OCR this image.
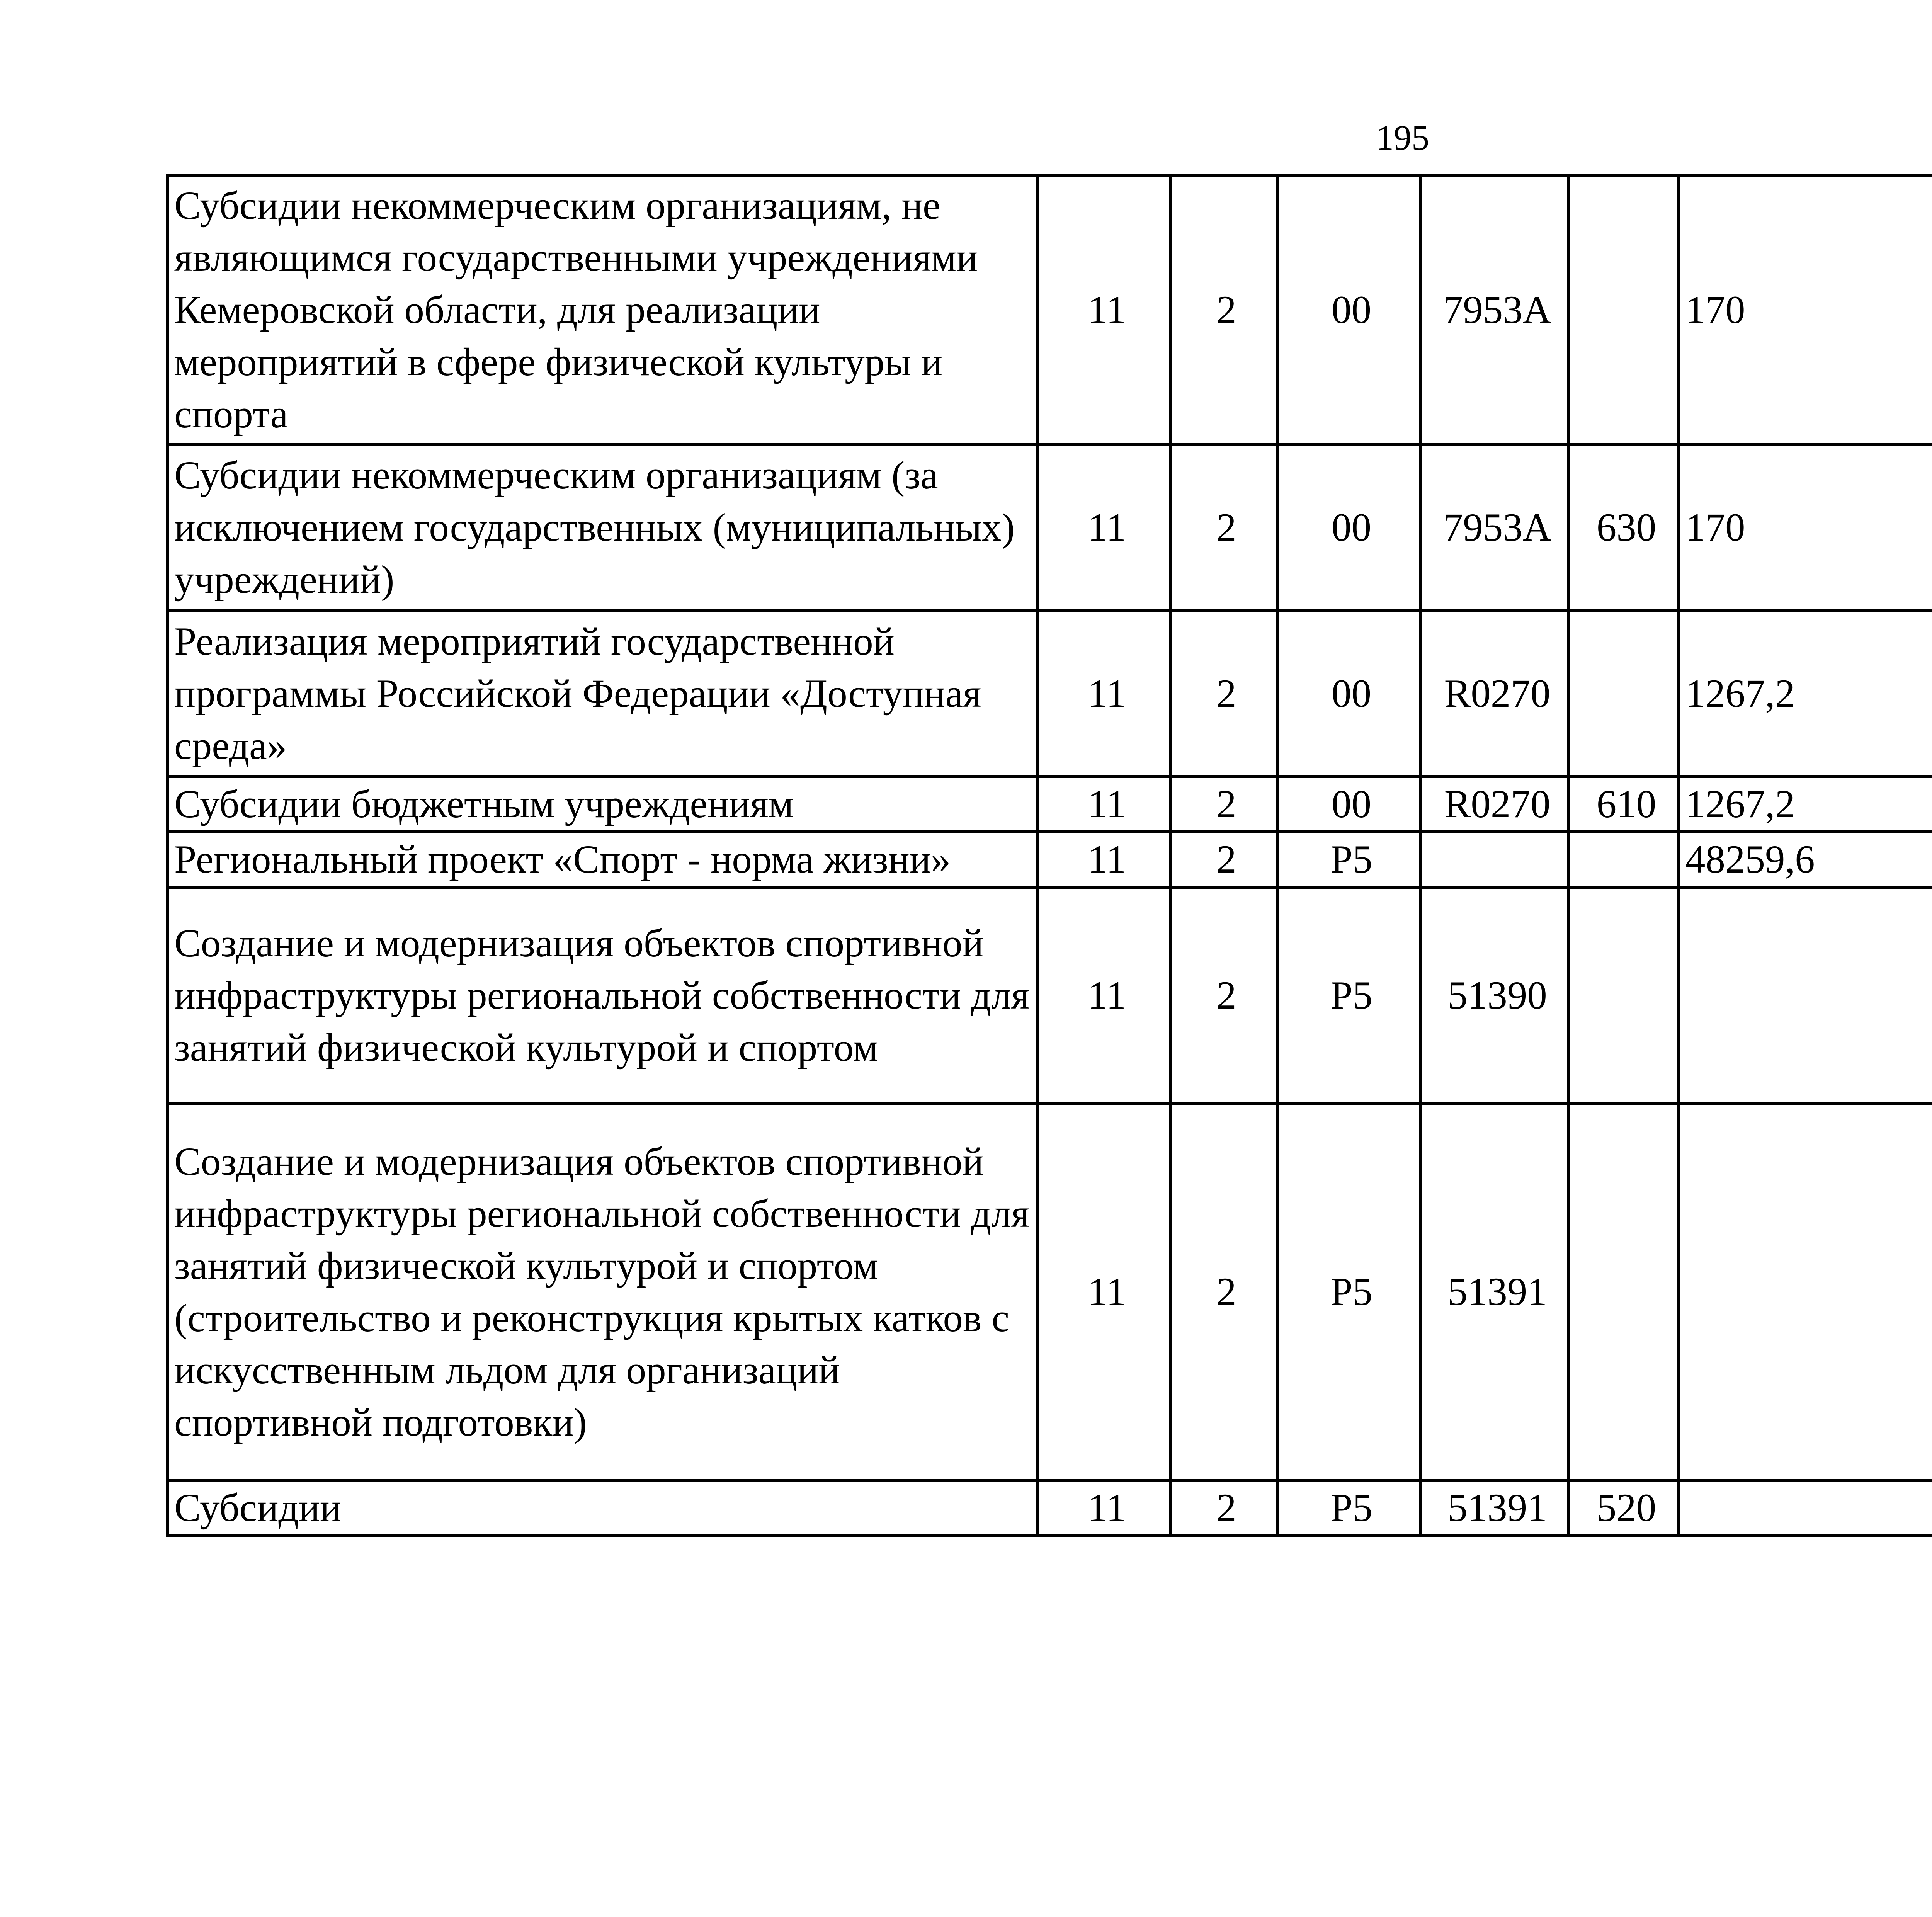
195
Субсидии некоммерческим организациям, не являющимся государственными учреждениями Кемеровской области, для реализации мероприятий в сфере физической культуры и спорта	11	2	00	7953А		170		
Субсидии некоммерческим организациям (за исключением государственных (муниципальных) учреждений)	11	2	00	7953А	630	170		
Реализация мероприятий государственной программы Российской Федерации «Доступная среда»	11	2	00	R0270		1267,2		
Субсидии бюджетным учреждениям	11	2	00	R0270	610	1267,2		
Региональный проект «Спорт - норма жизни»	11	2	P5			48259,6		
Создание и модернизация объектов спортивной инфраструктуры региональной собственности для занятий физической культурой и спортом	11	2	P5	51390				
Создание и модернизация объектов спортивной инфраструктуры региональной собственности для занятий физической культурой и спортом (строительство и реконструкция крытых катков с искусственным льдом для организаций спортивной подготовки)	11	2	P5	51391				
Субсидии	11	2	P5	51391	520			
